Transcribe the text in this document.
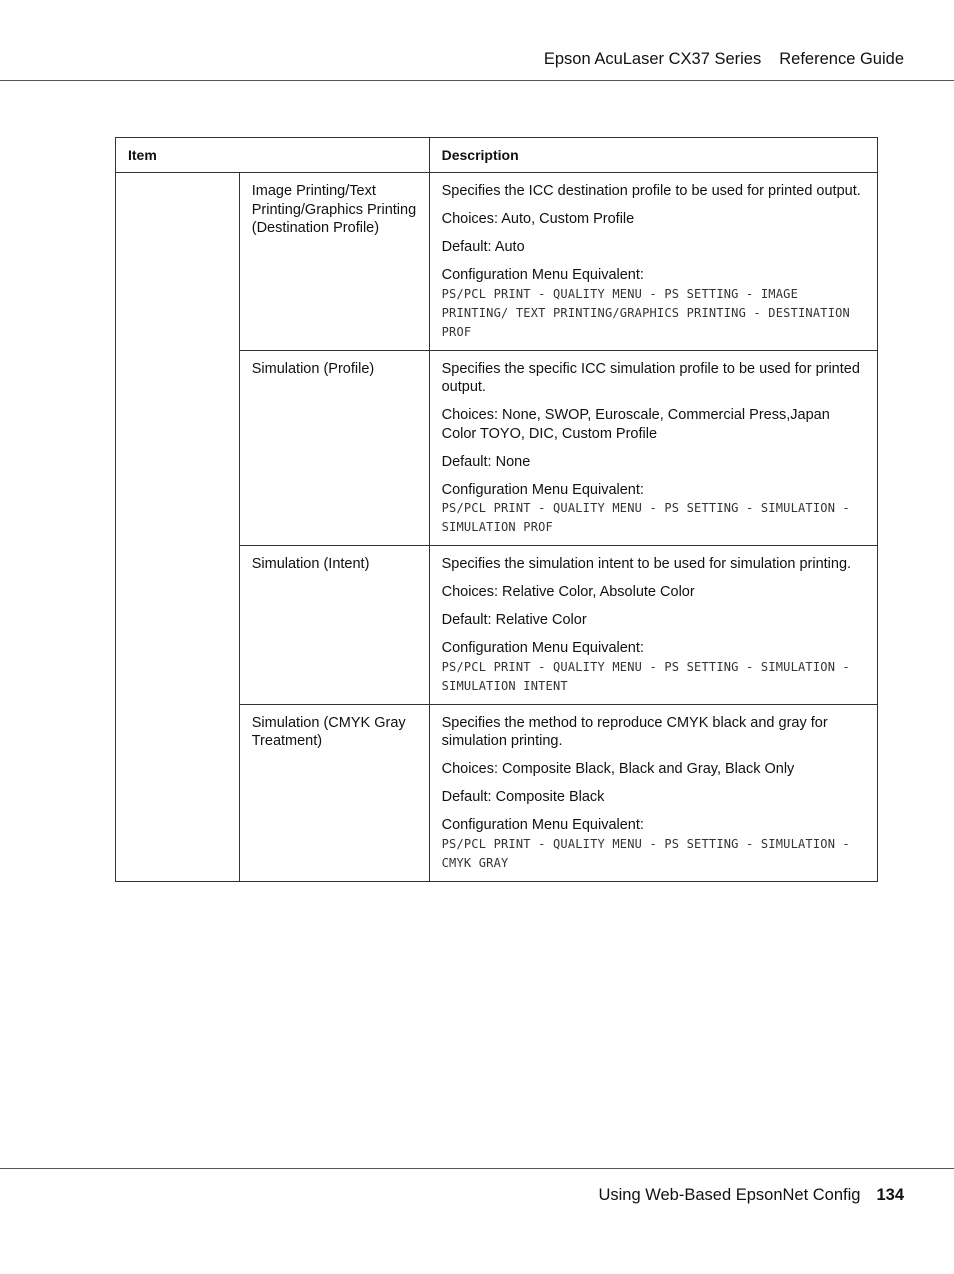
Epson AcuLaser CX37 Series Reference Guide
Item		Description
	Image Printing/Text Printing/Graphics Printing (Destination Profile)	Specifies the ICC destination profile to be used for printed output.

Choices: Auto, Custom Profile

Default: Auto

Configuration Menu Equivalent:
PS/PCL PRINT - QUALITY MENU - PS SETTING - IMAGE PRINTING/ TEXT PRINTING/GRAPHICS PRINTING - DESTINATION PROF

	Simulation (Profile)	Specifies the specific ICC simulation profile to be used for printed output.

Choices: None, SWOP, Euroscale, Commercial Press,Japan Color TOYO, DIC, Custom Profile

Default: None

Configuration Menu Equivalent:
PS/PCL PRINT - QUALITY MENU - PS SETTING - SIMULATION - SIMULATION PROF

	Simulation (Intent)	Specifies the simulation intent to be used for simulation printing.

Choices: Relative Color, Absolute Color

Default: Relative Color

Configuration Menu Equivalent:
PS/PCL PRINT - QUALITY MENU - PS SETTING - SIMULATION - SIMULATION INTENT

	Simulation (CMYK Gray Treatment)	Specifies the method to reproduce CMYK black and gray for simulation printing.

Choices: Composite Black, Black and Gray, Black Only

Default: Composite Black

Configuration Menu Equivalent:
PS/PCL PRINT - QUALITY MENU - PS SETTING - SIMULATION - CMYK GRAY

Using Web-Based EpsonNet Config 134
